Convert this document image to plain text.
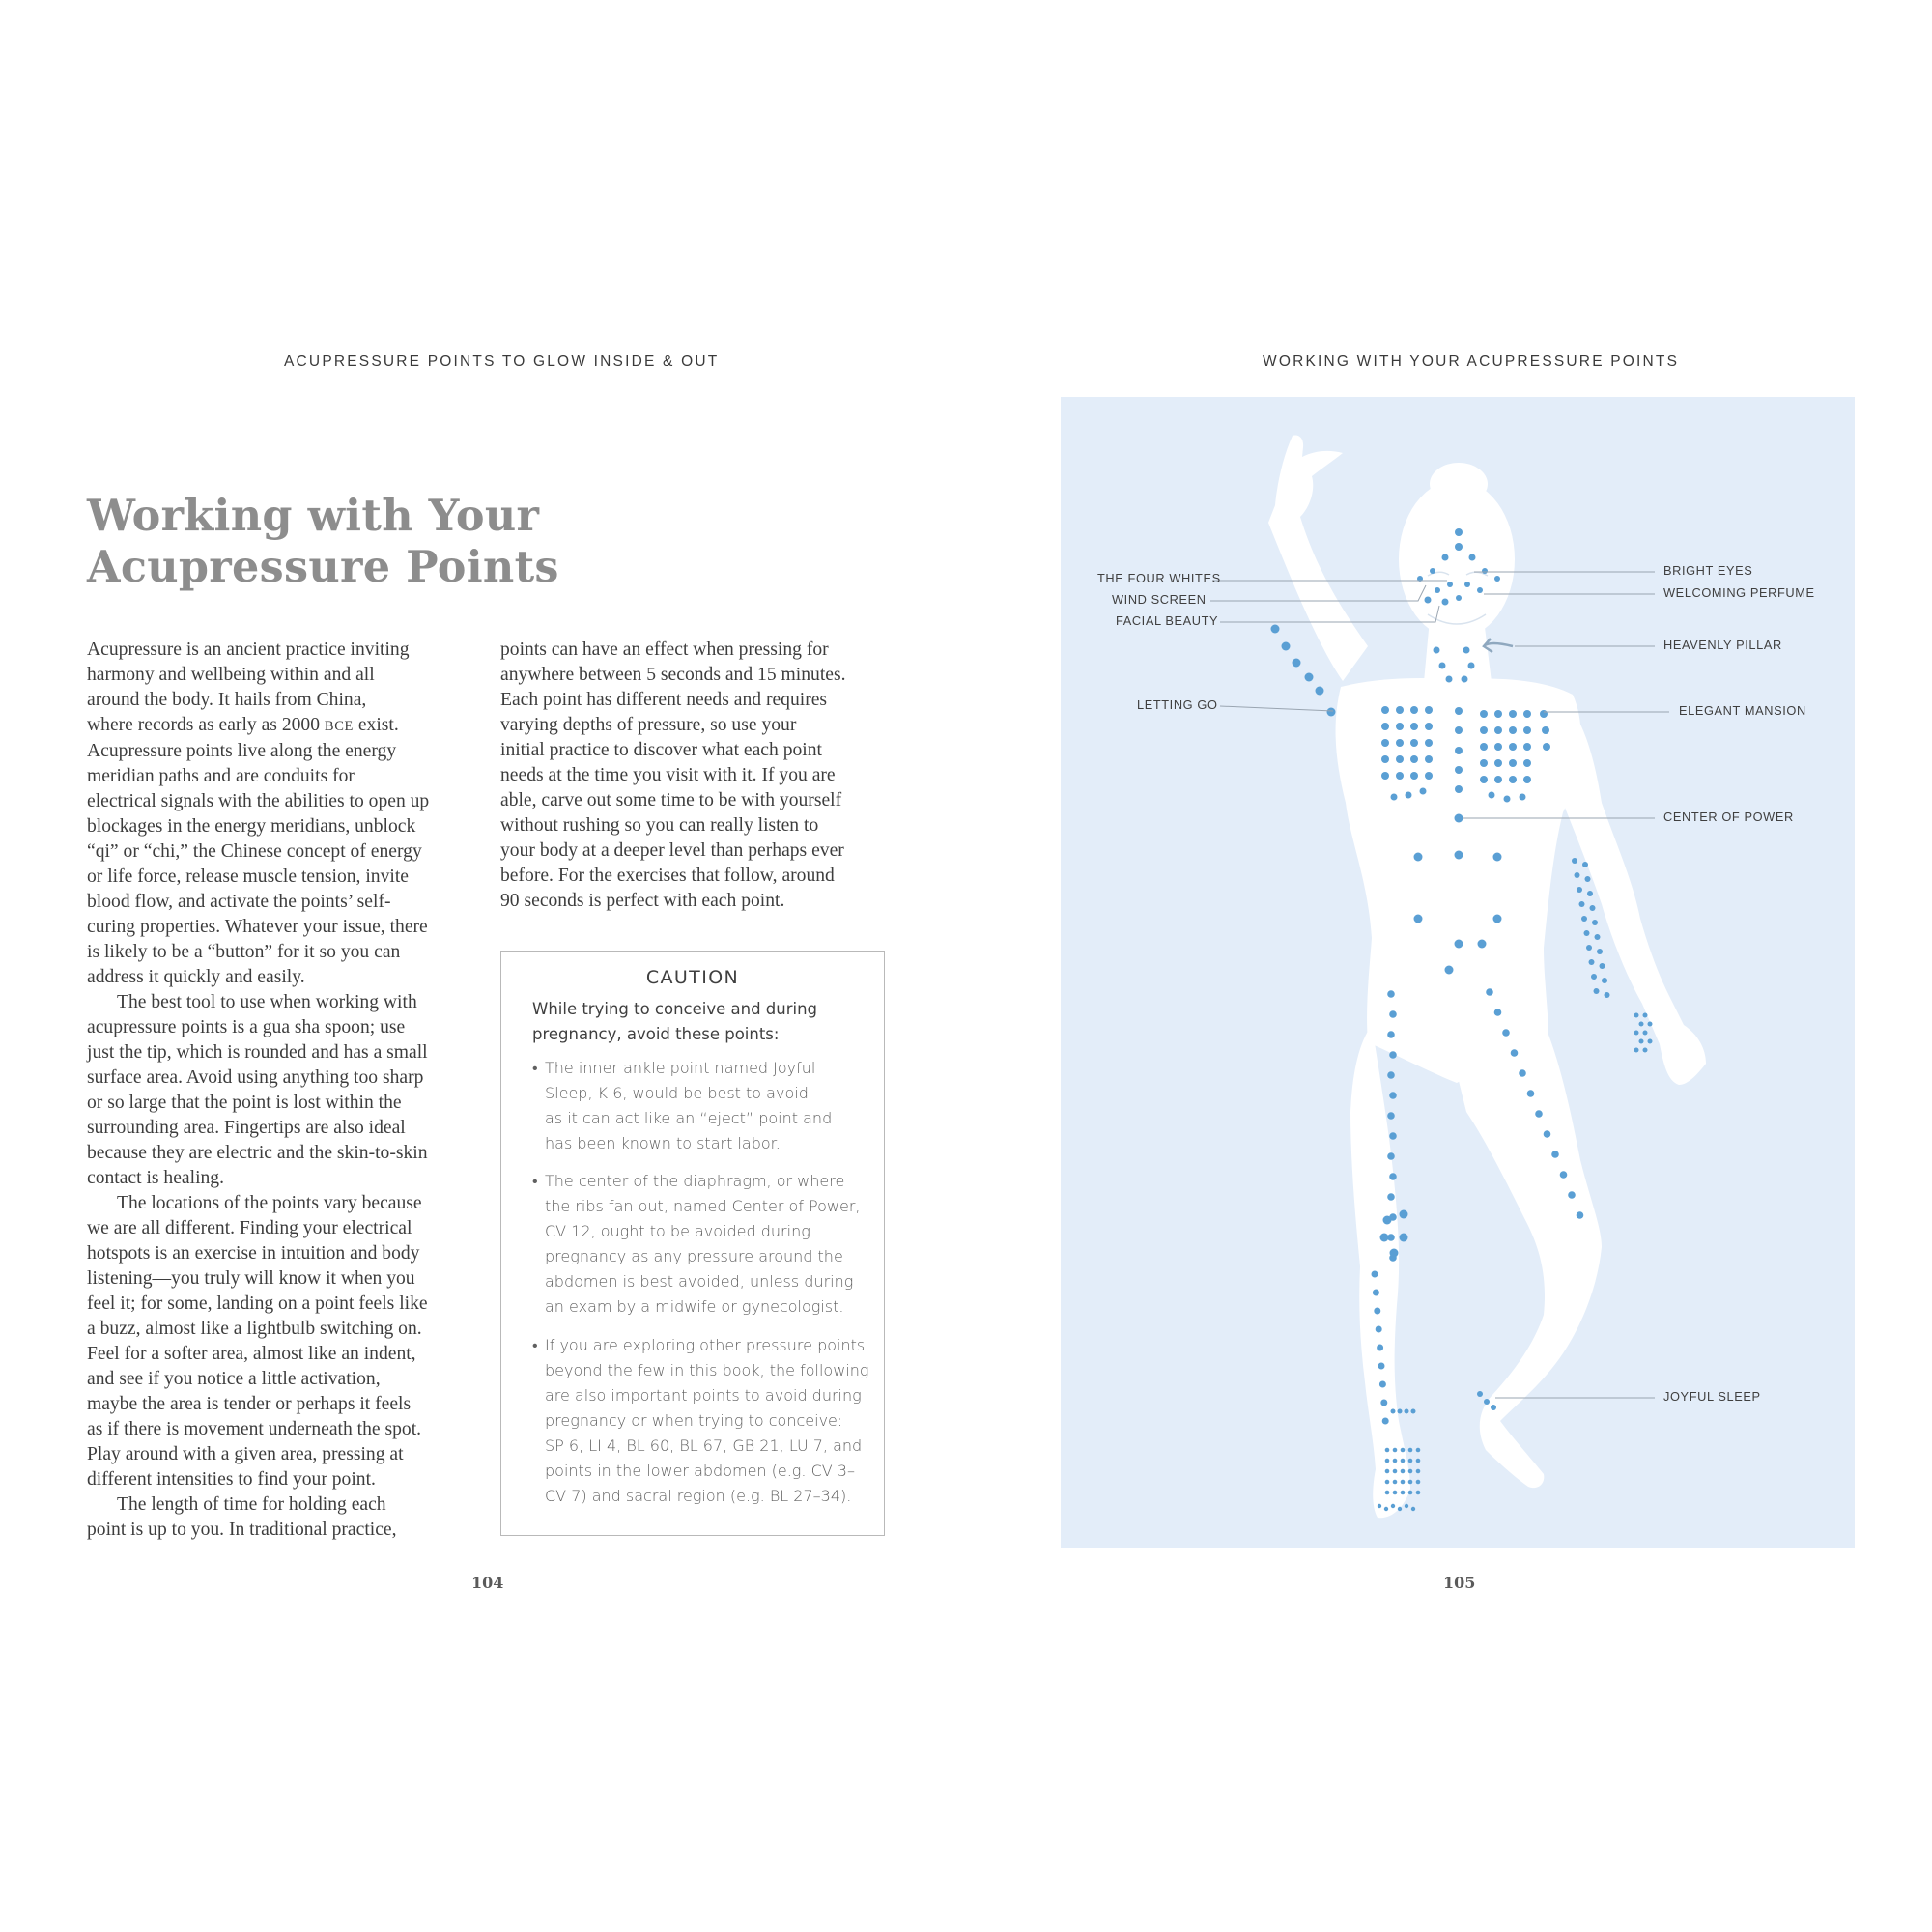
ACUPRESSURE POINTS TO GLOW INSIDE & OUT	WORKING WITH YOUR ACUPRESSURE POINTS
Working with Your
Acupressure Points

Acupressure is an ancient practice inviting
harmony and wellbeing within and all
around the body. It hails from China,
where records as early as 2000 BCE exist.
Acupressure points live along the energy
meridian paths and are conduits for
electrical signals with the abilities to open up
blockages in the energy meridians, unblock
“qi” or “chi,” the Chinese concept of energy
or life force, release muscle tension, invite
blood flow, and activate the points’ self-
curing properties. Whatever your issue, there
is likely to be a “button” for it so you can
address it quickly and easily.

The best tool to use when working with
acupressure points is a gua sha spoon; use
just the tip, which is rounded and has a small
surface area. Avoid using anything too sharp
or so large that the point is lost within the
surrounding area. Fingertips are also ideal
because they are electric and the skin-to-skin
contact is healing.

The locations of the points vary because
we are all different. Finding your electrical
hotspots is an exercise in intuition and body
listening—you truly will know it when you
feel it; for some, landing on a point feels like
a buzz, almost like a lightbulb switching on.
Feel for a softer area, almost like an indent,
and see if you notice a little activation,
maybe the area is tender or perhaps it feels
as if there is movement underneath the spot.
Play around with a given area, pressing at
different intensities to find your point.

The length of time for holding each
point is up to you. In traditional practice,

points can have an effect when pressing for
anywhere between 5 seconds and 15 minutes.
Each point has different needs and requires
varying depths of pressure, so use your
initial practice to discover what each point
needs at the time you visit with it. If you are
able, carve out some time to be with yourself
without rushing so you can really listen to
your body at a deeper level than perhaps ever
before. For the exercises that follow, around
90 seconds is perfect with each point.

CAUTION
While trying to conceive and during
pregnancy, avoid these points:
• The inner ankle point named Joyful
Sleep, K 6, would be best to avoid
as it can act like an “eject” point and
has been known to start labor.
• The center of the diaphragm, or where
the ribs fan out, named Center of Power,
CV 12, ought to be avoided during
pregnancy as any pressure around the
abdomen is best avoided, unless during
an exam by a midwife or gynecologist.
• If you are exploring other pressure points
beyond the few in this book, the following
are also important points to avoid during
pregnancy or when trying to conceive:
SP 6, LI 4, BL 60, BL 67, GB 21, LU 7, and
points in the lower abdomen (e.g. CV 3–
CV 7) and sacral region (e.g. BL 27–34).
104	105
THE FOUR WHITES
WIND SCREEN
FACIAL BEAUTY
LETTING GO
BRIGHT EYES
WELCOMING PERFUME
HEAVENLY PILLAR
ELEGANT MANSION
CENTER OF POWER
JOYFUL SLEEP
